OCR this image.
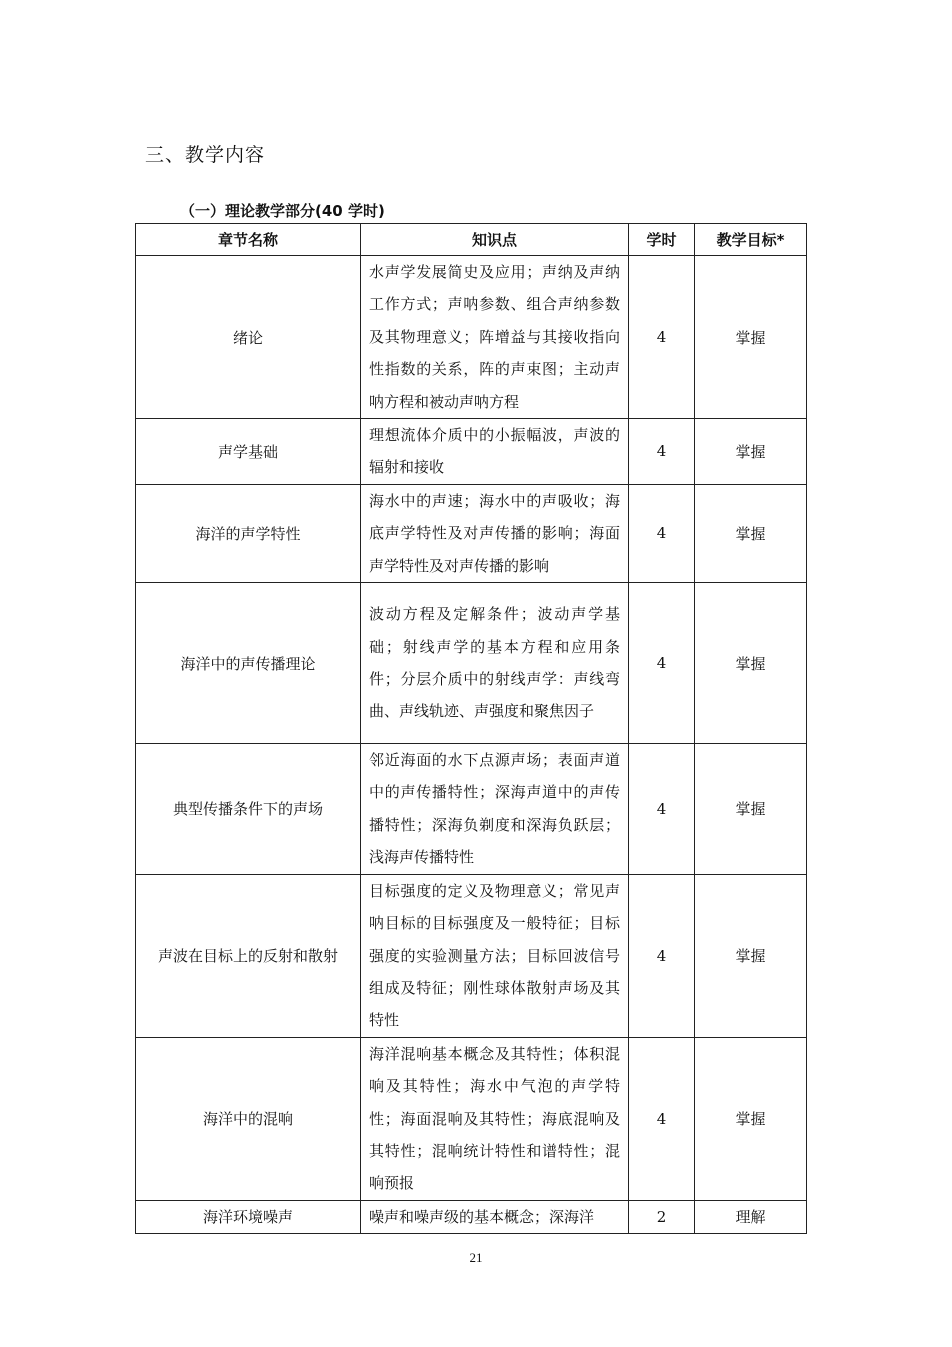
三、教学内容
（一）理论教学部分(40 学时)
章节名称	知识点	学时	教学目标*
绪论	水声学发展简史及应用；声纳及声纳工作方式；声呐参数、组合声纳参数及其物理意义；阵增益与其接收指向性指数的关系，阵的声束图；主动声呐方程和被动声呐方程	4	掌握
声学基础	理想流体介质中的小振幅波，声波的辐射和接收	4	掌握
海洋的声学特性	海水中的声速；海水中的声吸收；海底声学特性及对声传播的影响；海面声学特性及对声传播的影响	4	掌握
海洋中的声传播理论	波动方程及定解条件；波动声学基础；射线声学的基本方程和应用条件；分层介质中的射线声学：声线弯曲、声线轨迹、声强度和聚焦因子	4	掌握
典型传播条件下的声场	邻近海面的水下点源声场；表面声道中的声传播特性；深海声道中的声传播特性；深海负剃度和深海负跃层；浅海声传播特性	4	掌握
声波在目标上的反射和散射	目标强度的定义及物理意义；常见声呐目标的目标强度及一般特征；目标强度的实验测量方法；目标回波信号组成及特征；刚性球体散射声场及其特性	4	掌握
海洋中的混响	海洋混响基本概念及其特性；体积混响及其特性；海水中气泡的声学特性；海面混响及其特性；海底混响及其特性；混响统计特性和谱特性；混响预报	4	掌握
海洋环境噪声	噪声和噪声级的基本概念；深海洋	2	理解
21
